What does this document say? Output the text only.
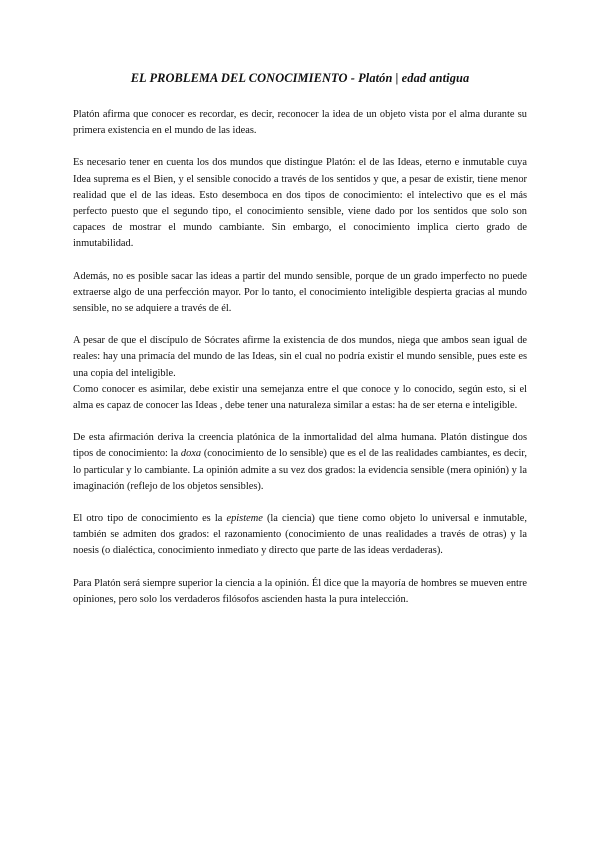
EL PROBLEMA DEL CONOCIMIENTO - Platón | edad antigua

Platón afirma que conocer es recordar, es decir, reconocer la idea de un objeto vista por el alma durante su primera existencia en el mundo de las ideas.

Es necesario tener en cuenta los dos mundos que distingue Platón: el de las Ideas, eterno e inmutable cuya Idea suprema es el Bien, y el sensible conocido a través de los sentidos y que, a pesar de existir, tiene menor realidad que el de las ideas. Esto desemboca en dos tipos de conocimiento: el intelectivo que es el más perfecto puesto que el segundo tipo, el conocimiento sensible, viene dado por los sentidos que solo son capaces de mostrar el mundo cambiante. Sin embargo, el conocimiento implica cierto grado de inmutabilidad.

Además, no es posible sacar las ideas a partir del mundo sensible, porque de un grado imperfecto no puede extraerse algo de una perfección mayor. Por lo tanto, el conocimiento inteligible despierta gracias al mundo sensible, no se adquiere a través de él.

A pesar de que el discípulo de Sócrates afirme la existencia de dos mundos, niega que ambos sean igual de reales: hay una primacía del mundo de las Ideas, sin el cual no podría existir el mundo sensible, pues este es una copia del inteligible.

Como conocer es asimilar, debe existir una semejanza entre el que conoce y lo conocido, según esto, si el alma es capaz de conocer las Ideas , debe tener una naturaleza similar a estas: ha de ser eterna e inteligible.

De esta afirmación deriva la creencia platónica de la inmortalidad del alma humana. Platón distingue dos tipos de conocimiento: la doxa (conocimiento de lo sensible) que es el de las realidades cambiantes, es decir, lo particular y lo cambiante. La opinión admite a su vez dos grados: la evidencia sensible (mera opinión) y la imaginación (reflejo de los objetos sensibles).

El otro tipo de conocimiento es la episteme (la ciencia) que tiene como objeto lo universal e inmutable, también se admiten dos grados: el razonamiento (conocimiento de unas realidades a través de otras) y la noesis (o dialéctica, conocimiento inmediato y directo que parte de las ideas verdaderas).

Para Platón será siempre superior la ciencia a la opinión. Él dice que la mayoría de hombres se mueven entre opiniones, pero solo los verdaderos filósofos ascienden hasta la pura intelección.
